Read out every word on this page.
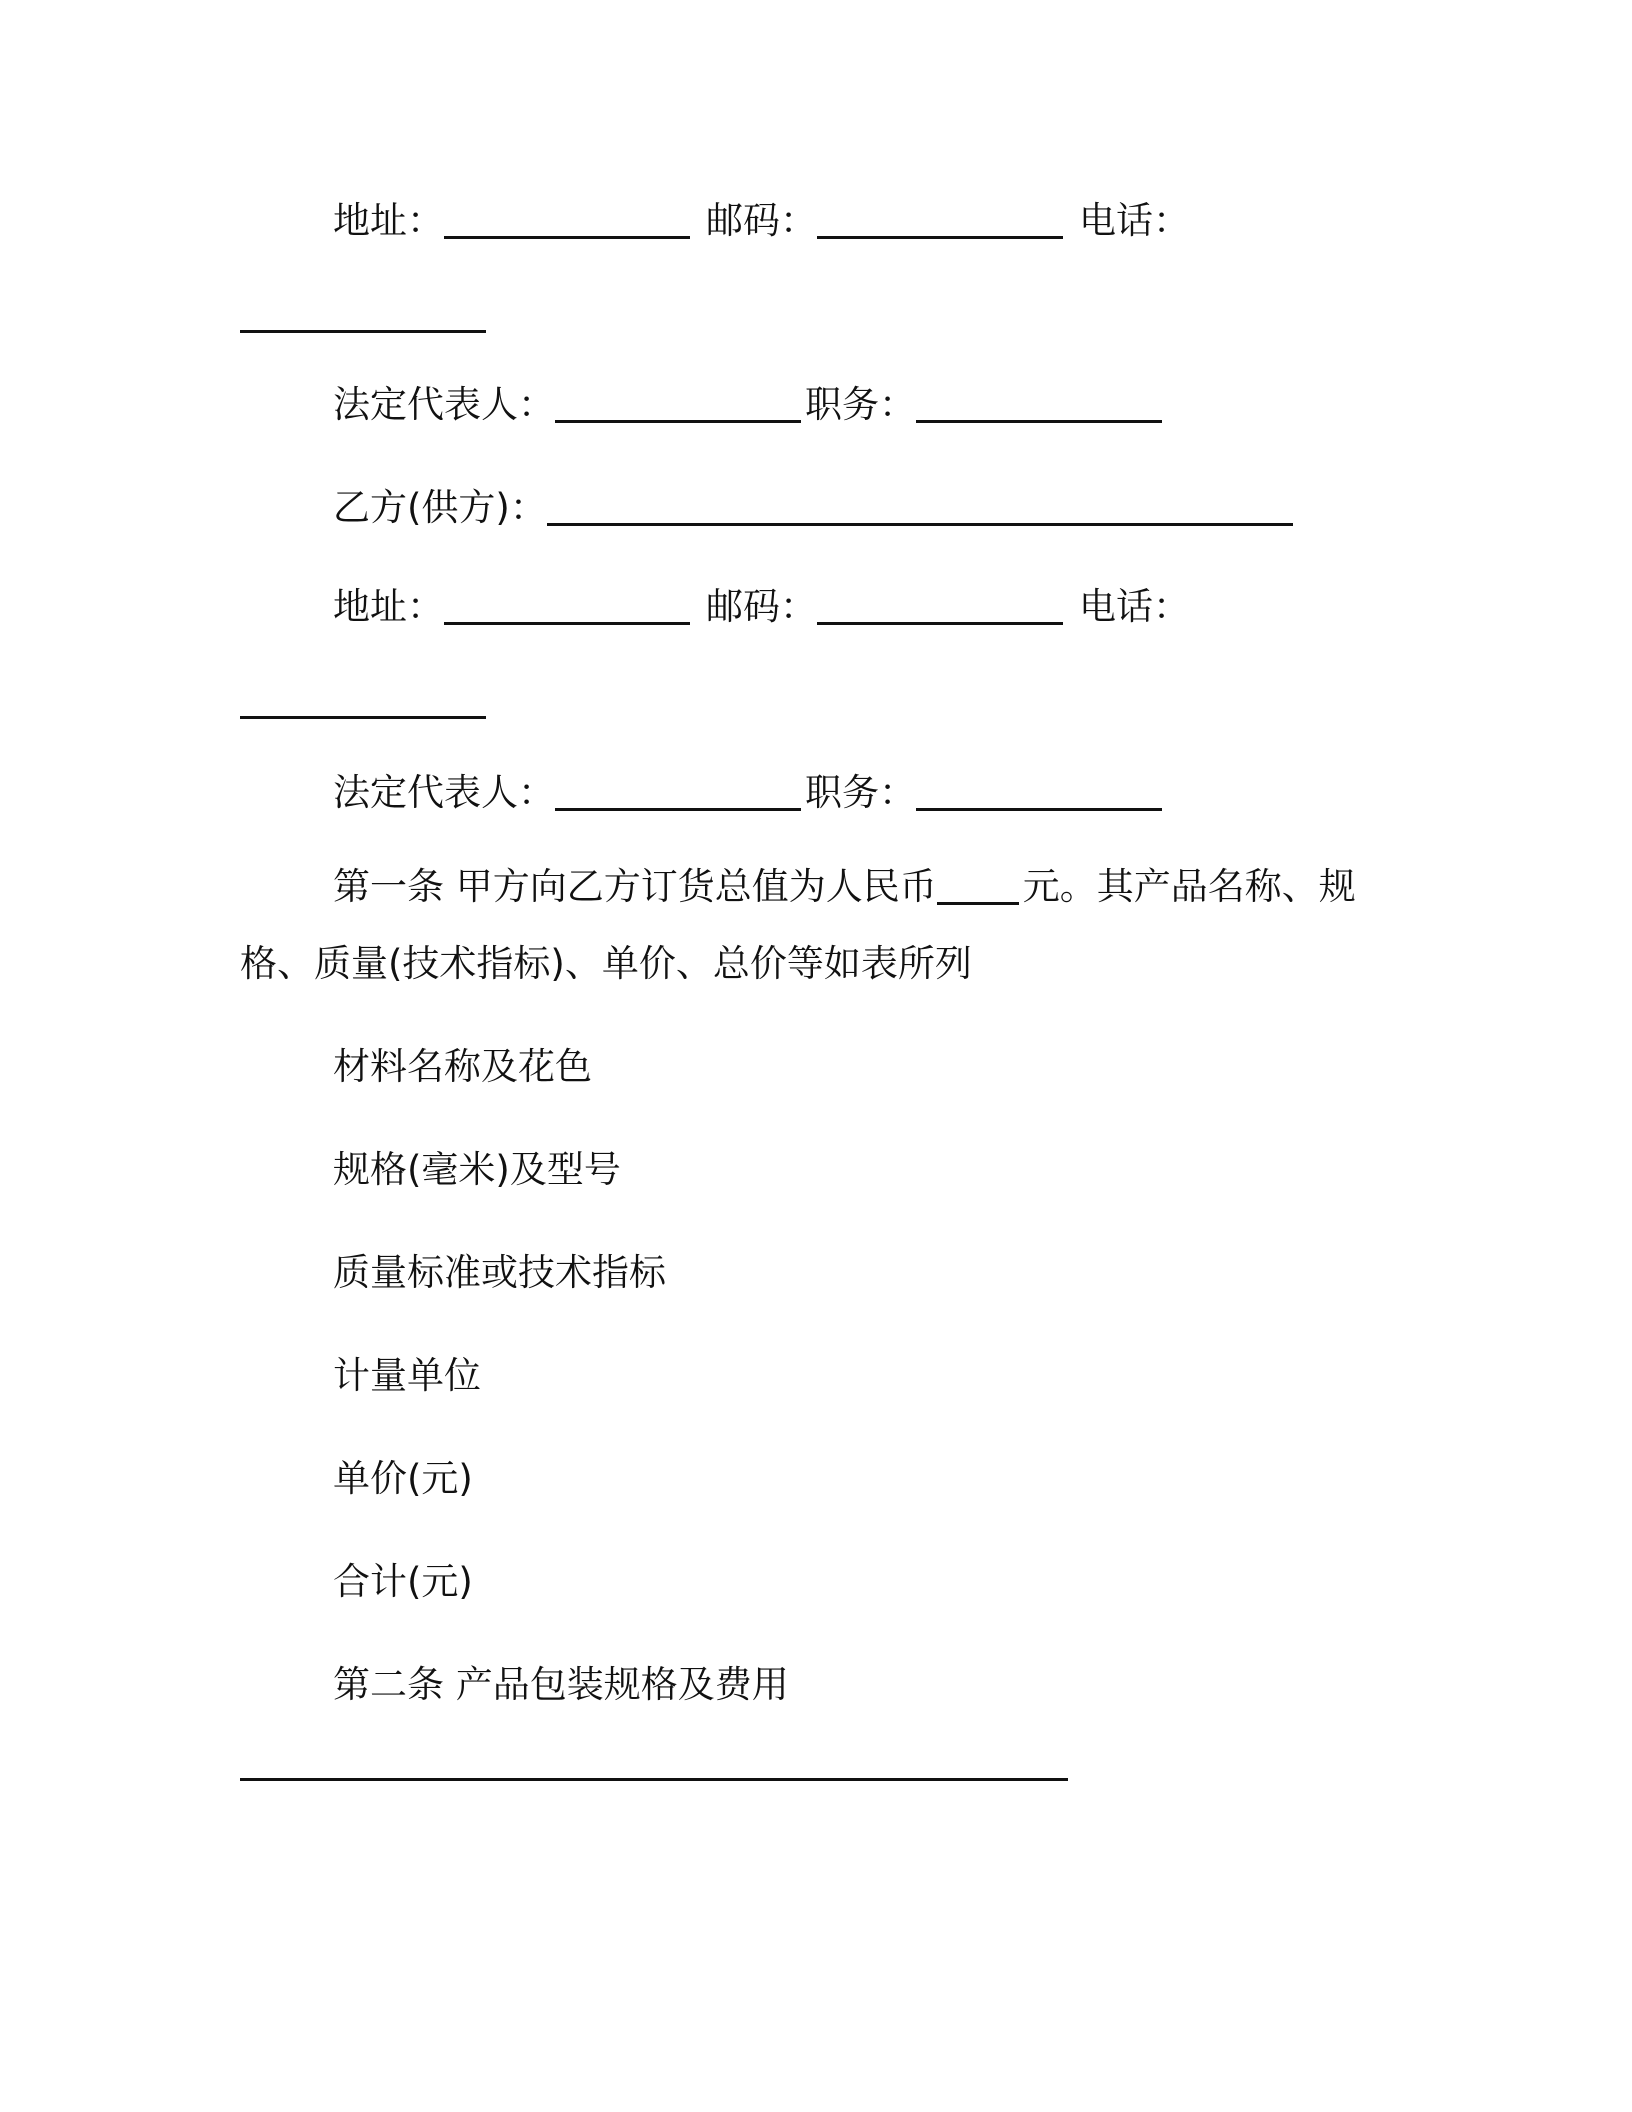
地址：	邮码：	电话：
法定代表人：	职务：
乙方(供方)：
地址：	邮码：	电话：
法定代表人：	职务：
第一条 甲方向乙方订货总值为人民币 元。其产品名称、规
格、质量(技术指标)、单价、总价等如表所列
材料名称及花色
规格(毫米)及型号
质量标准或技术指标
计量单位
单价(元)
合计(元)
第二条 产品包装规格及费用
